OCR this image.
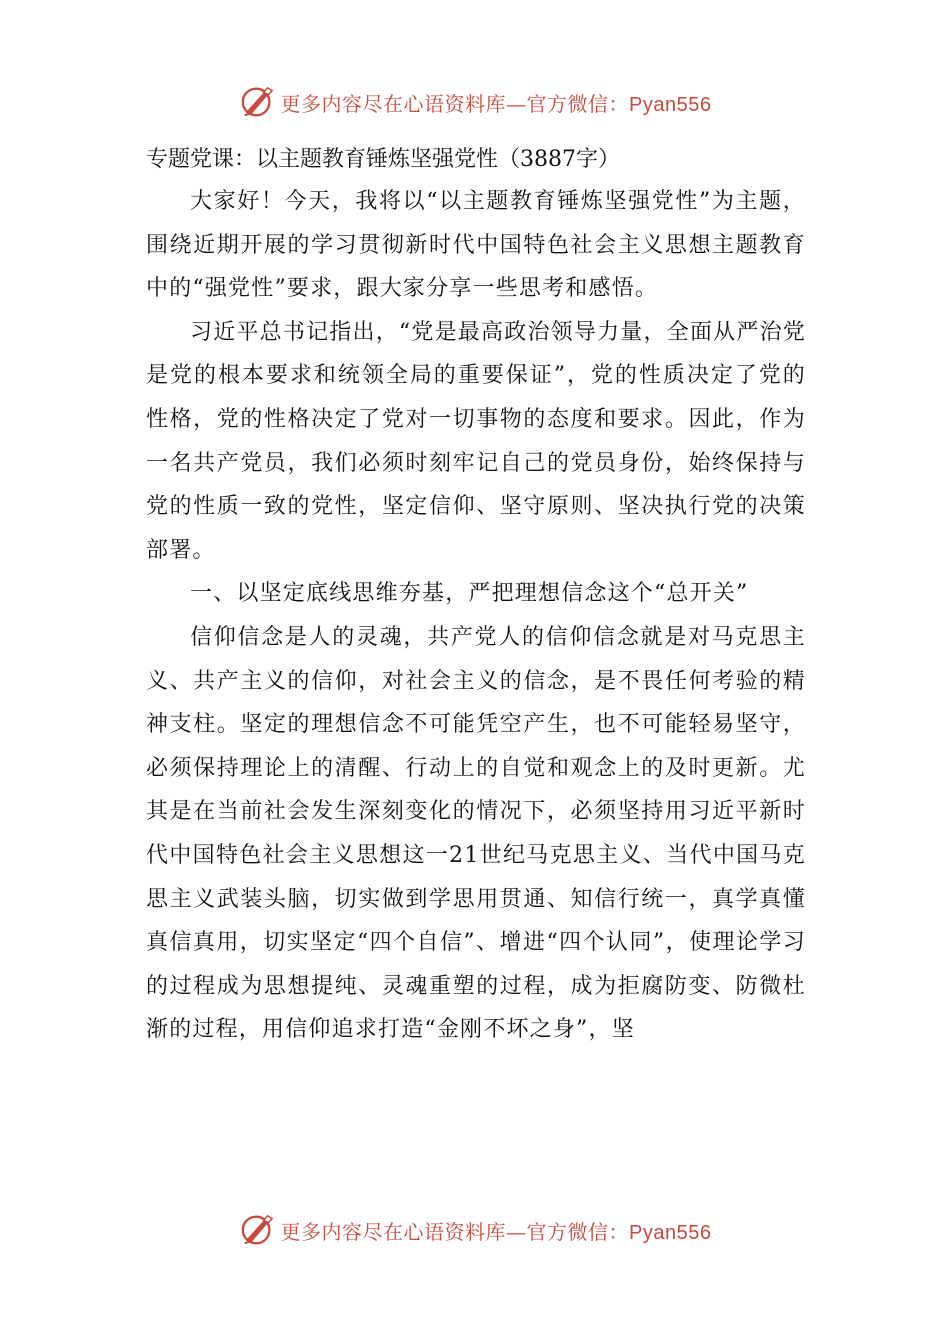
更多内容尽在心语资料库—官方微信：Pyan556

专题党课：以主题教育锤炼坚强党性（3887字）

大家好！今天，我将以“以主题教育锤炼坚强党性”为主题，围绕近期开展的学习贯彻新时代中国特色社会主义思想主题教育中的“强党性”要求，跟大家分享一些思考和感悟。

习近平总书记指出，“党是最高政治领导力量，全面从严治党是党的根本要求和统领全局的重要保证”，党的性质决定了党的性格，党的性格决定了党对一切事物的态度和要求。因此，作为一名共产党员，我们必须时刻牢记自己的党员身份，始终保持与党的性质一致的党性，坚定信仰、坚守原则、坚决执行党的决策部署。

一、以坚定底线思维夯基，严把理想信念这个“总开关”

信仰信念是人的灵魂，共产党人的信仰信念就是对马克思主义、共产主义的信仰，对社会主义的信念，是不畏任何考验的精神支柱。坚定的理想信念不可能凭空产生，也不可能轻易坚守，必须保持理论上的清醒、行动上的自觉和观念上的及时更新。尤其是在当前社会发生深刻变化的情况下，必须坚持用习近平新时代中国特色社会主义思想这一21世纪马克思主义、当代中国马克思主义武装头脑，切实做到学思用贯通、知信行统一，真学真懂真信真用，切实坚定“四个自信”、增进“四个认同”，使理论学习的过程成为思想提纯、灵魂重塑的过程，成为拒腐防变、防微杜渐的过程，用信仰追求打造“金刚不坏之身”，坚

更多内容尽在心语资料库—官方微信：Pyan556
